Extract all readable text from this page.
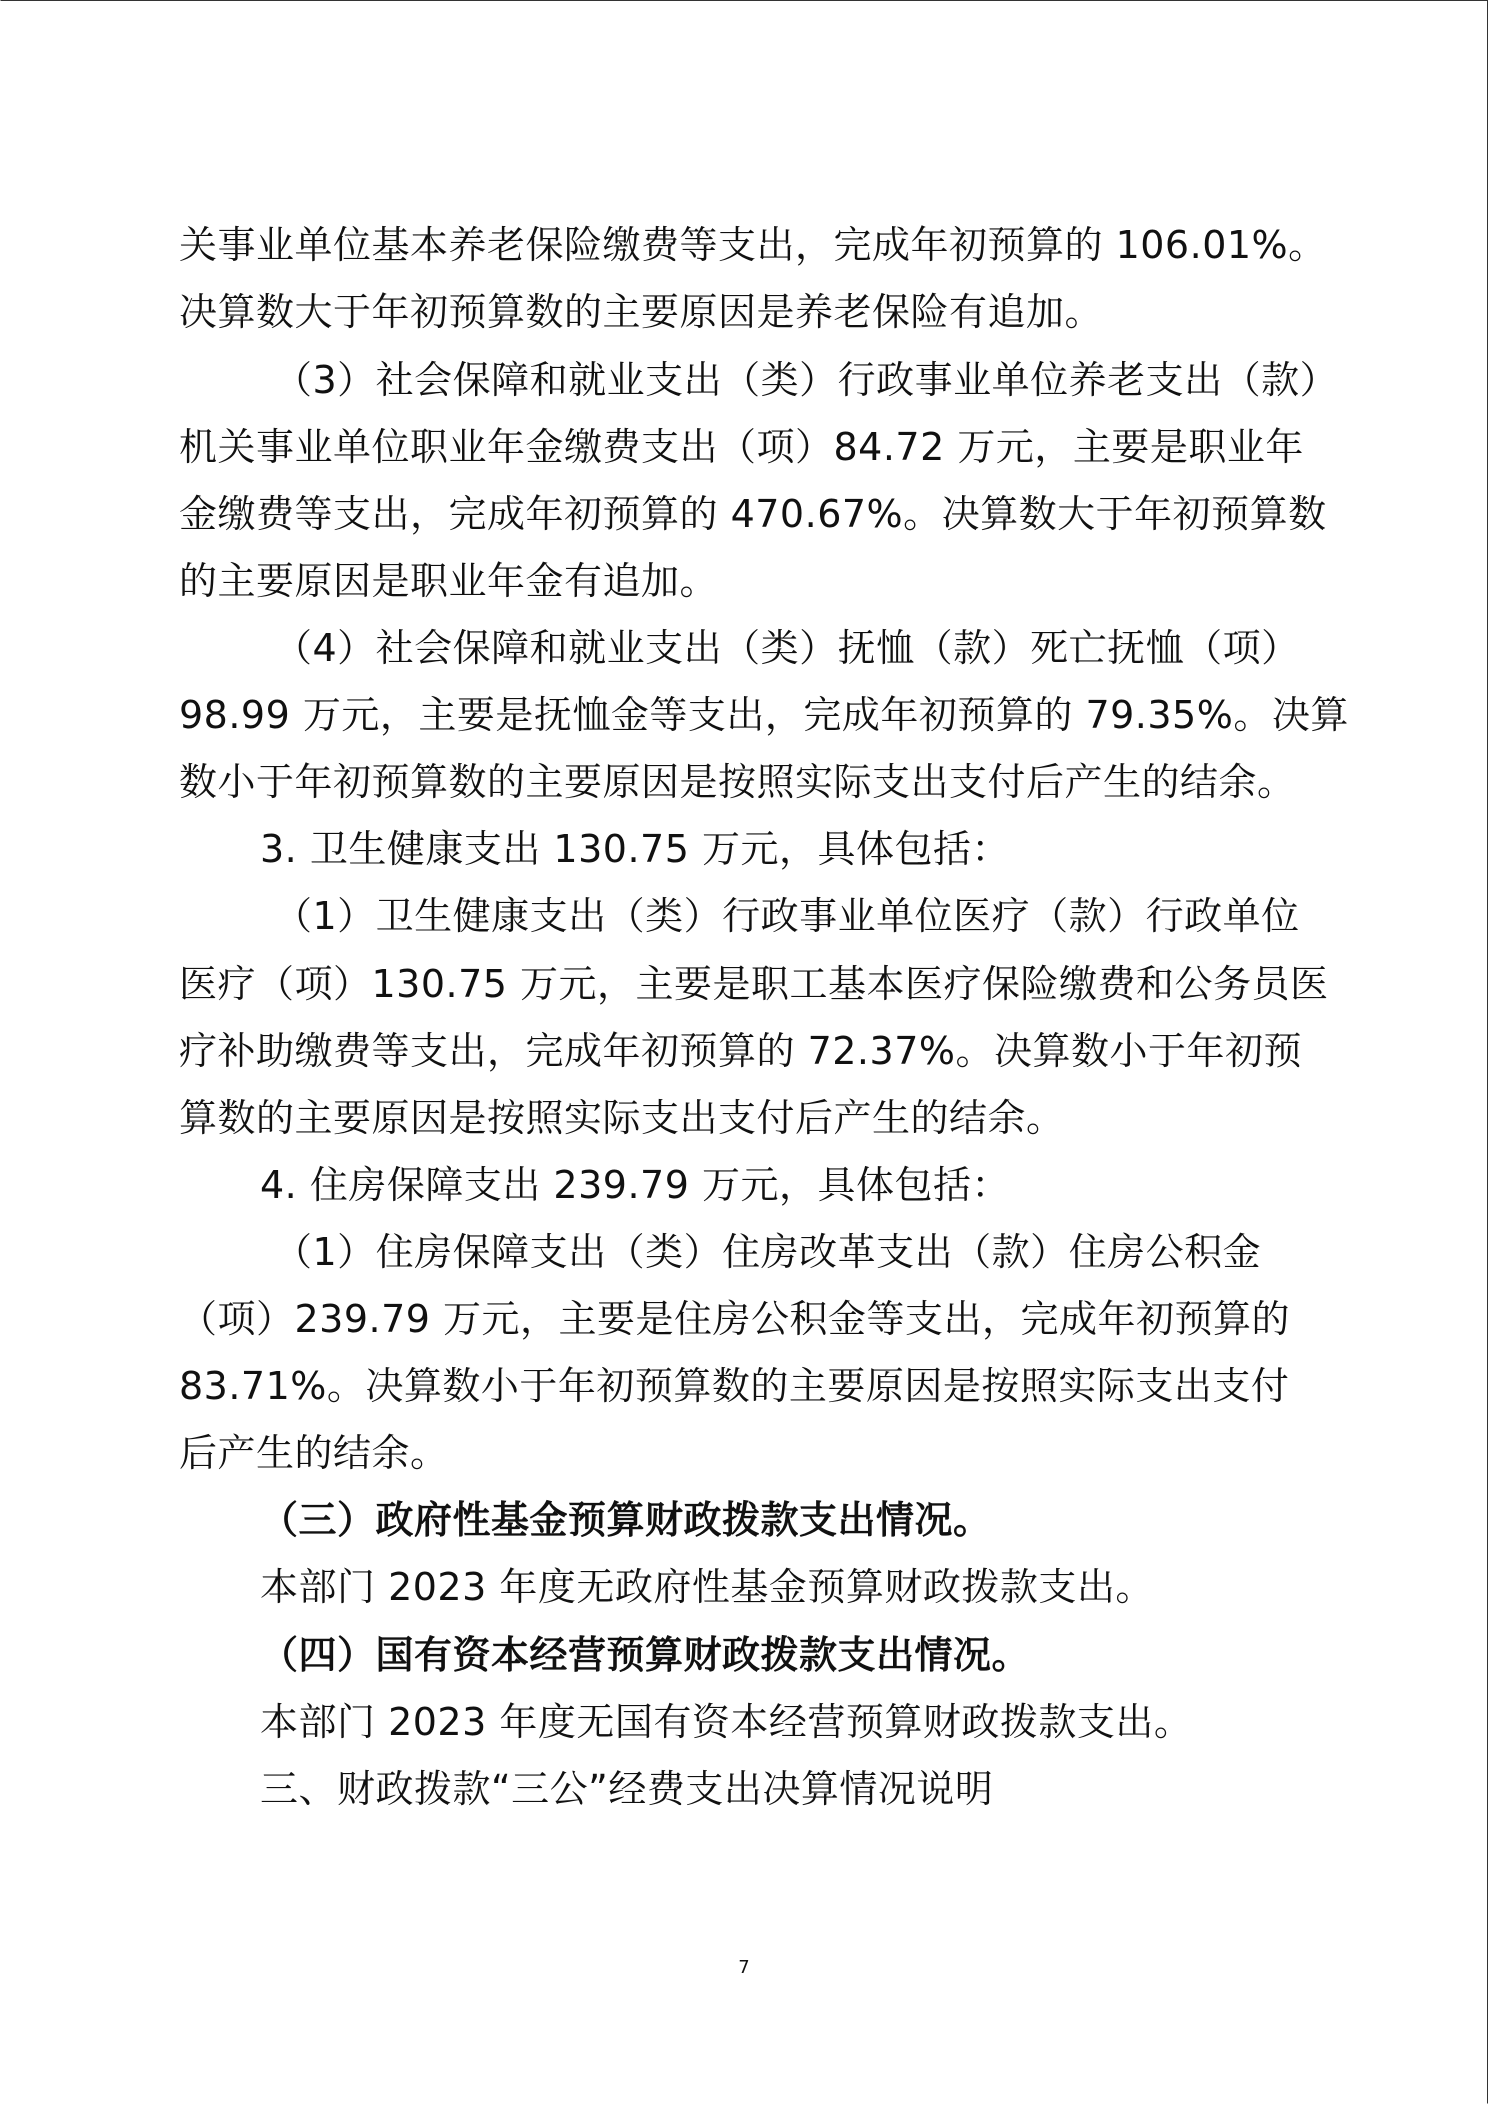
关事业单位基本养老保险缴费等支出，完成年初预算的 106.01%。
决算数大于年初预算数的主要原因是养老保险有追加。
（3）社会保障和就业支出（类）行政事业单位养老支出（款）
机关事业单位职业年金缴费支出（项）84.72 万元，主要是职业年
金缴费等支出，完成年初预算的 470.67%。决算数大于年初预算数
的主要原因是职业年金有追加。
（4）社会保障和就业支出（类）抚恤（款）死亡抚恤（项）
98.99 万元，主要是抚恤金等支出，完成年初预算的 79.35%。决算
数小于年初预算数的主要原因是按照实际支出支付后产生的结余。
3. 卫生健康支出 130.75 万元，具体包括：
（1）卫生健康支出（类）行政事业单位医疗（款）行政单位
医疗（项）130.75 万元，主要是职工基本医疗保险缴费和公务员医
疗补助缴费等支出，完成年初预算的 72.37%。决算数小于年初预
算数的主要原因是按照实际支出支付后产生的结余。
4. 住房保障支出 239.79 万元，具体包括：
（1）住房保障支出（类）住房改革支出（款）住房公积金
（项）239.79 万元，主要是住房公积金等支出，完成年初预算的
83.71%。决算数小于年初预算数的主要原因是按照实际支出支付
后产生的结余。
（三）政府性基金预算财政拨款支出情况。
本部门 2023 年度无政府性基金预算财政拨款支出。
（四）国有资本经营预算财政拨款支出情况。
本部门 2023 年度无国有资本经营预算财政拨款支出。
三、财政拨款“三公”经费支出决算情况说明
7
